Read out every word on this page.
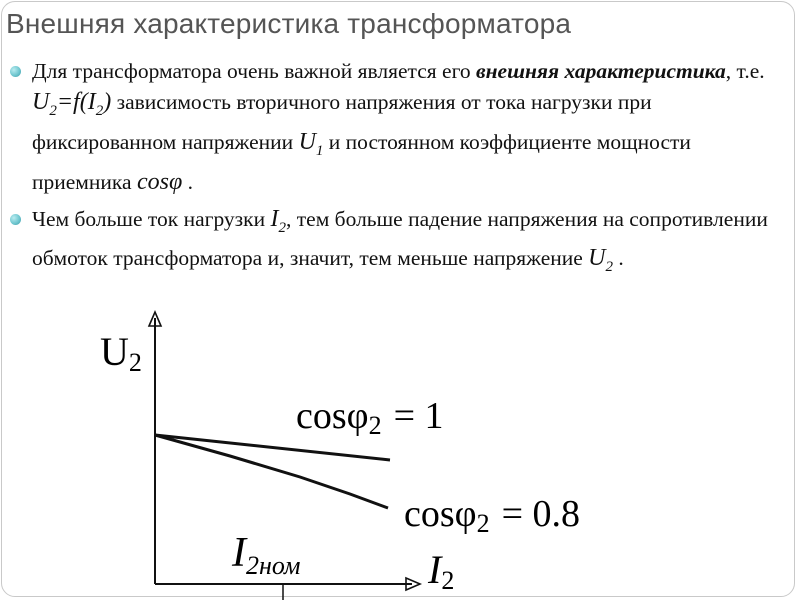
Внешняя характеристика трансформатора
Для трансформатора очень важной является его внешняя характеристика, т.е. $U_2=f(I_2)$ зависимость вторичного напряжения от тока нагрузки при фиксированном напряжении $U_1$ и постоянном коэффициенте мощности приемника cosφ .
Чем больше ток нагрузки $I_2$, тем больше падение напряжения на сопротивлении обмоток трансформатора и, значит, тем меньше напряжение $U_2$ .
U2
I2
I2ном
cosφ2 = 1
cosφ2 = 0.8
